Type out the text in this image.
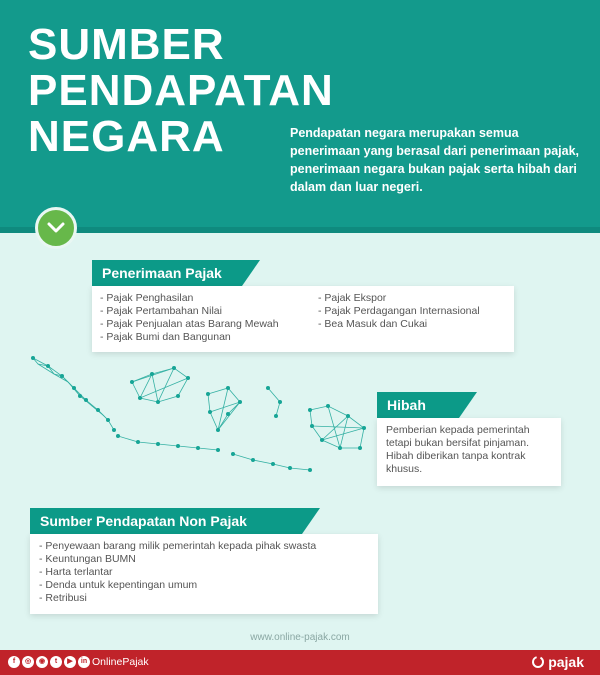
SUMBER
PENDAPATAN
NEGARA	Pendapatan negara merupakan semua penerimaan yang berasal dari penerimaan pajak, penerimaan negara bukan pajak serta hibah dari dalam dan luar negeri.
Penerimaan Pajak
- Pajak Penghasilan
- Pajak Pertambahan Nilai
- Pajak Penjualan atas Barang Mewah
- Pajak Bumi dan Bangunan
- Pajak Ekspor
- Pajak Perdagangan Internasional
- Bea Masuk dan Cukai
Hibah
Pemberian kepada pemerintah tetapi bukan bersifat pinjaman. Hibah diberikan tanpa kontrak khusus.
Sumber Pendapatan Non Pajak
- Penyewaan barang milik pemerintah kepada pihak swasta
- Keuntungan BUMN
- Harta terlantar
- Denda untuk kepentingan umum
- Retribusi
www.online-pajak.com
f	◎	◉	t	▶	in OnlinePajak	pajak
